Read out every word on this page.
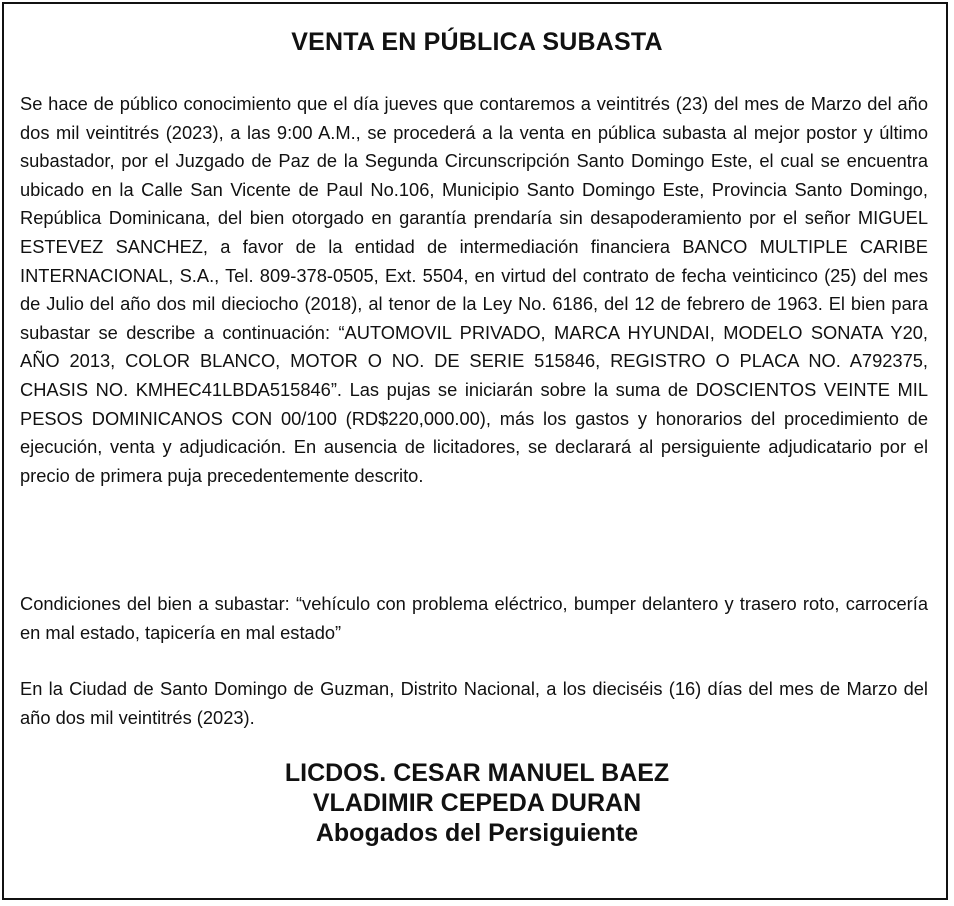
VENTA EN PÚBLICA SUBASTA

Se hace de público conocimiento que el día jueves que contaremos a veintitrés (23) del mes de Marzo del año dos mil veintitrés (2023), a las 9:00 A.M., se procederá a la venta en pública subasta al mejor postor y último subastador, por el Juzgado de Paz de la Segunda Circunscripción Santo Domingo Este, el cual se encuentra ubicado en la Calle San Vicente de Paul No.106, Municipio Santo Domingo Este, Provincia Santo Domingo, República Dominicana, del bien otorgado en garantía prendaría sin desapoderamiento por el señor MIGUEL ESTEVEZ SANCHEZ, a favor de la entidad de intermediación financiera BANCO MULTIPLE CARIBE INTERNACIONAL, S.A., Tel. 809-378-0505, Ext. 5504, en virtud del contrato de fecha veinticinco (25) del mes de Julio del año dos mil dieciocho (2018), al tenor de la Ley No. 6186, del 12 de febrero de 1963. El bien para subastar se describe a continuación: “AUTOMOVIL PRIVADO, MARCA HYUNDAI, MODELO SONATA Y20, AÑO 2013, COLOR BLANCO, MOTOR O NO. DE SERIE 515846, REGISTRO O PLACA NO. A792375, CHASIS NO. KMHEC41LBDA515846”. Las pujas se iniciarán sobre la suma de DOSCIENTOS VEINTE MIL PESOS DOMINICANOS CON 00/100 (RD$220,000.00), más los gastos y honorarios del procedimiento de ejecución, venta y adjudicación. En ausencia de licitadores, se declarará al persiguiente adjudicatario por el precio de primera puja precedentemente descrito.

Condiciones del bien a subastar: “vehículo con problema eléctrico, bumper delantero y trasero roto, carrocería en mal estado, tapicería en mal estado”

En la Ciudad de Santo Domingo de Guzman, Distrito Nacional, a los dieciséis (16) días del mes de Marzo del año dos mil veintitrés (2023).

LICDOS. CESAR MANUEL BAEZ
VLADIMIR CEPEDA DURAN
Abogados del Persiguiente
